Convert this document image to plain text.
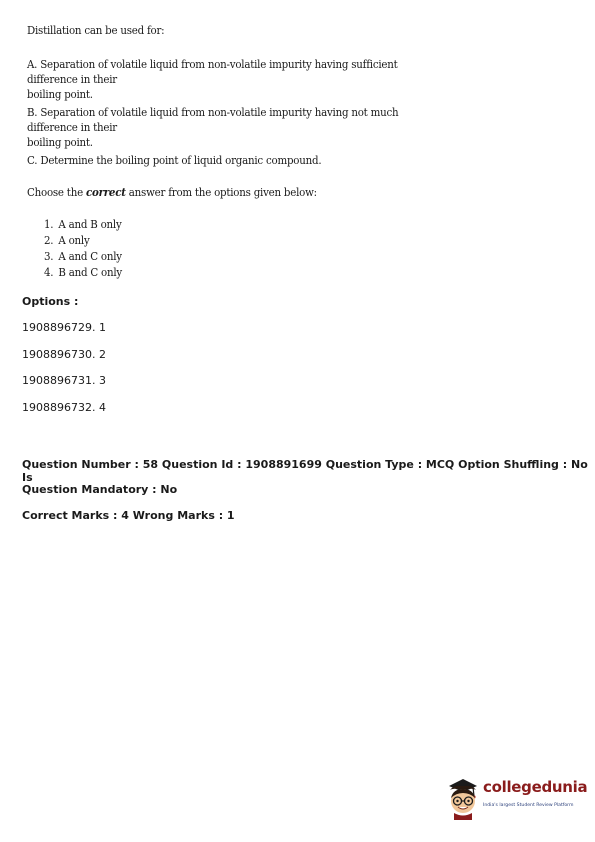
Distillation can be used for:
A. Separation of volatile liquid from non-volatile impurity having sufficient difference in their
boiling point.
B. Separation of volatile liquid from non-volatile impurity having not much difference in their
boiling point.
C. Determine the boiling point of liquid organic compound.
Choose the correct answer from the options given below:
1. A and B only
2. A only
3. A and C only
4. B and C only
Options :
1908896729. 1
1908896730. 2
1908896731. 3
1908896732. 4
Question Number : 58 Question Id : 1908891699 Question Type : MCQ Option Shuffling : No Is
Question Mandatory : No
Correct Marks : 4 Wrong Marks : 1
collegedunia
India's largest Student Review Platform
